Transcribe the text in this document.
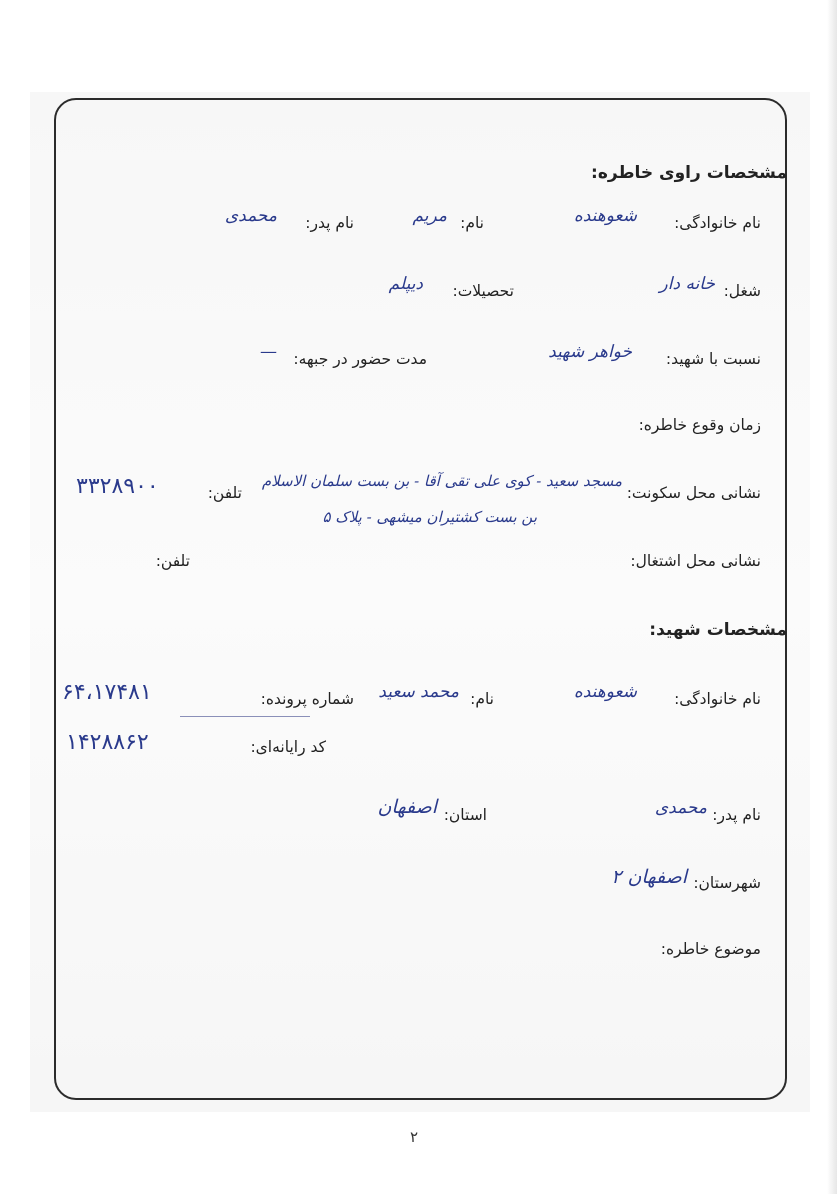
مشخصات راوی خاطره:
نام خانوادگی:
شعوهنده
نام:
مریم
نام پدر:
محمدی
شغل:
خانه دار
تحصیلات:
دیپلم
نسبت با شهید:
خواهر شهید
مدت حضور در جبهه:
—
زمان وقوع خاطره:
نشانی محل سکونت:
مسجد سعید - کوی علی تقی آقا - بن بست سلمان الاسلام
تلفن:
۳۳۲۸۹۰۰
بن بست کشتیران میشهی - پلاک ۵
نشانی محل اشتغال:
تلفن:
مشخصات شهید:
نام خانوادگی:
شعوهنده
نام:
محمد سعید
شماره پرونده:
۶۴،۱۷۴۸۱
کد رایانه‌ای:
۱۴۲۸۸۶۲
نام پدر:
محمدی
استان:
اصفهان
شهرستان:
اصفهان ۲
موضوع خاطره:
۲
